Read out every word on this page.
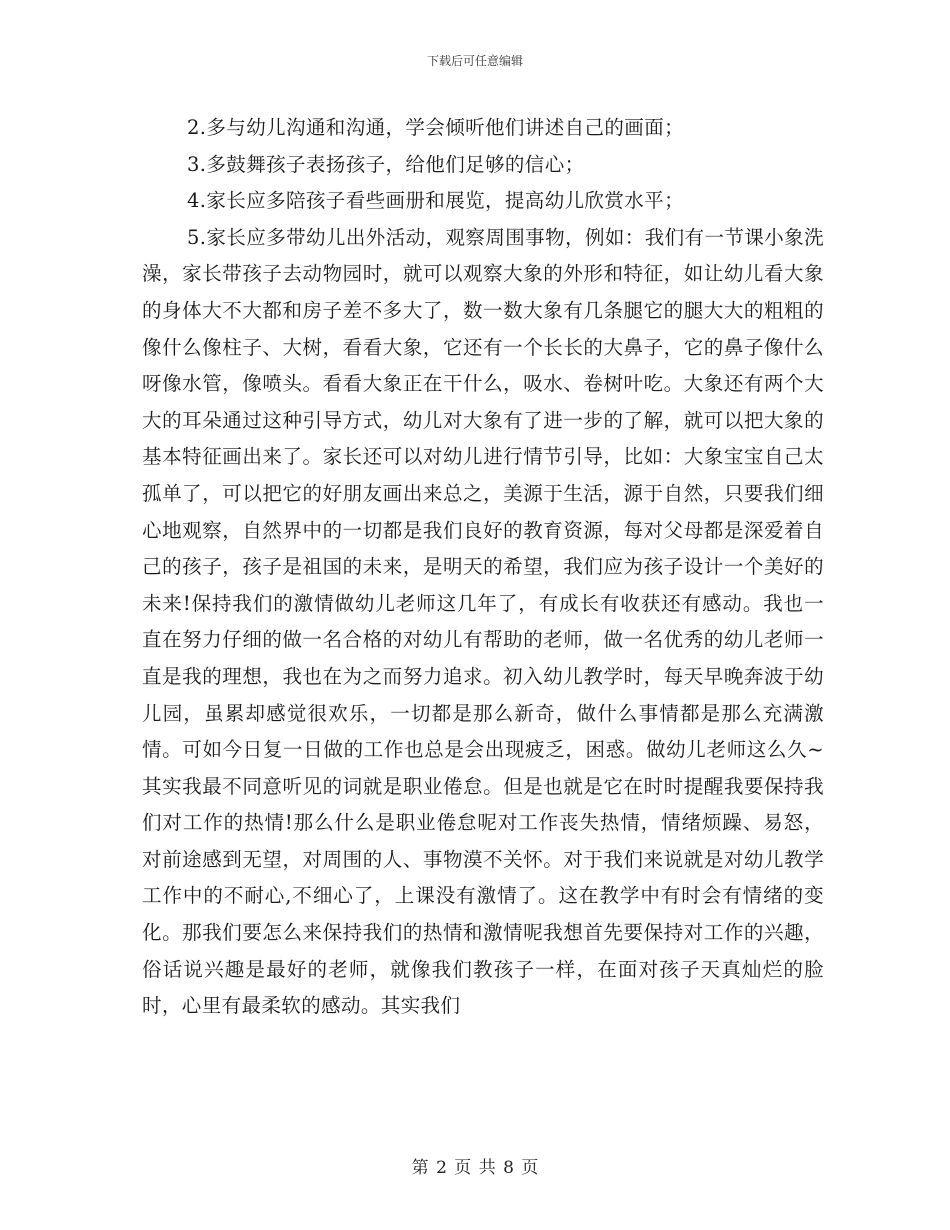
下载后可任意编辑

2.多与幼儿沟通和沟通，学会倾听他们讲述自己的画面；

3.多鼓舞孩子表扬孩子，给他们足够的信心；

4.家长应多陪孩子看些画册和展览，提高幼儿欣赏水平；

5.家长应多带幼儿出外活动，观察周围事物，例如：我们有一节课小象洗澡，家长带孩子去动物园时，就可以观察大象的外形和特征，如让幼儿看大象的身体大不大都和房子差不多大了，数一数大象有几条腿它的腿大大的粗粗的像什么像柱子、大树，看看大象，它还有一个长长的大鼻子，它的鼻子像什么呀像水管，像喷头。看看大象正在干什么，吸水、卷树叶吃。大象还有两个大大的耳朵通过这种引导方式，幼儿对大象有了进一步的了解，就可以把大象的基本特征画出来了。家长还可以对幼儿进行情节引导，比如：大象宝宝自己太孤单了，可以把它的好朋友画出来总之，美源于生活，源于自然，只要我们细心地观察，自然界中的一切都是我们良好的教育资源，每对父母都是深爱着自己的孩子，孩子是祖国的未来，是明天的希望，我们应为孩子设计一个美好的未来!保持我们的激情做幼儿老师这几年了，有成长有收获还有感动。我也一直在努力仔细的做一名合格的对幼儿有帮助的老师，做一名优秀的幼儿老师一直是我的理想，我也在为之而努力追求。初入幼儿教学时，每天早晚奔波于幼儿园，虽累却感觉很欢乐，一切都是那么新奇，做什么事情都是那么充满激情。可如今日复一日做的工作也总是会出现疲乏，困惑。做幼儿老师这么久~其实我最不同意听见的词就是职业倦怠。但是也就是它在时时提醒我要保持我们对工作的热情!那么什么是职业倦怠呢对工作丧失热情，情绪烦躁、易怒，对前途感到无望，对周围的人、事物漠不关怀。对于我们来说就是对幼儿教学工作中的不耐心,不细心了，上课没有激情了。这在教学中有时会有情绪的变化。那我们要怎么来保持我们的热情和激情呢我想首先要保持对工作的兴趣，俗话说兴趣是最好的老师，就像我们教孩子一样，在面对孩子天真灿烂的脸时，心里有最柔软的感动。其实我们

第 2 页 共 8 页
